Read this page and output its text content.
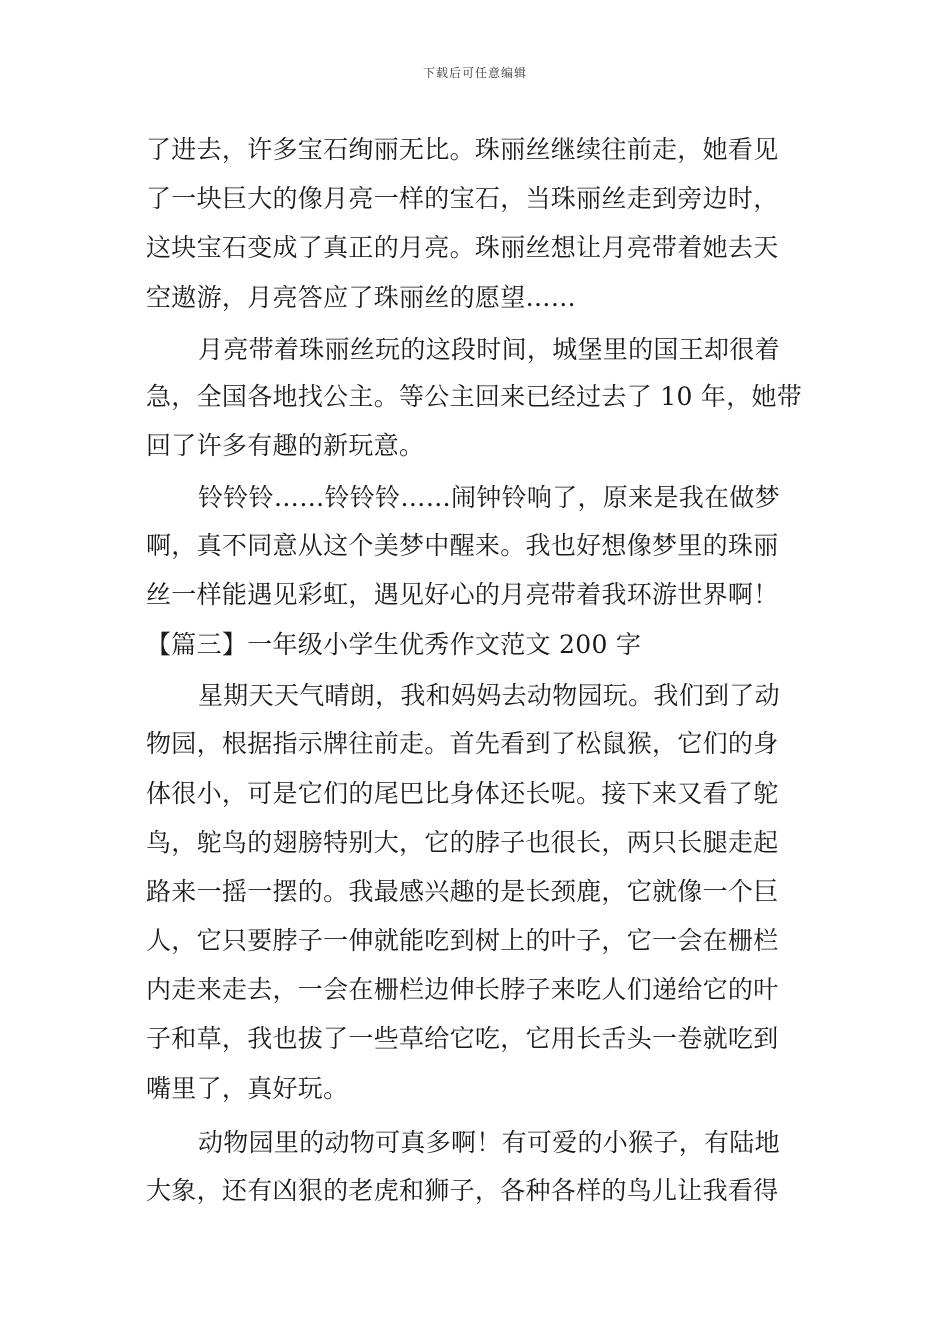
下载后可任意编辑
了进去，许多宝石绚丽无比。珠丽丝继续往前走，她看见
了一块巨大的像月亮一样的宝石，当珠丽丝走到旁边时，
这块宝石变成了真正的月亮。珠丽丝想让月亮带着她去天
空遨游，月亮答应了珠丽丝的愿望……
月亮带着珠丽丝玩的这段时间，城堡里的国王却很着
急，全国各地找公主。等公主回来已经过去了 10 年，她带
回了许多有趣的新玩意。
铃铃铃……铃铃铃……闹钟铃响了，原来是我在做梦
啊，真不同意从这个美梦中醒来。我也好想像梦里的珠丽
丝一样能遇见彩虹，遇见好心的月亮带着我环游世界啊！
【篇三】一年级小学生优秀作文范文 200 字
星期天天气晴朗，我和妈妈去动物园玩。我们到了动
物园，根据指示牌往前走。首先看到了松鼠猴，它们的身
体很小，可是它们的尾巴比身体还长呢。接下来又看了鸵
鸟，鸵鸟的翅膀特别大，它的脖子也很长，两只长腿走起
路来一摇一摆的。我最感兴趣的是长颈鹿，它就像一个巨
人，它只要脖子一伸就能吃到树上的叶子，它一会在栅栏
内走来走去，一会在栅栏边伸长脖子来吃人们递给它的叶
子和草，我也拔了一些草给它吃，它用长舌头一卷就吃到
嘴里了，真好玩。
动物园里的动物可真多啊！有可爱的小猴子，有陆地
大象，还有凶狠的老虎和狮子，各种各样的鸟儿让我看得
